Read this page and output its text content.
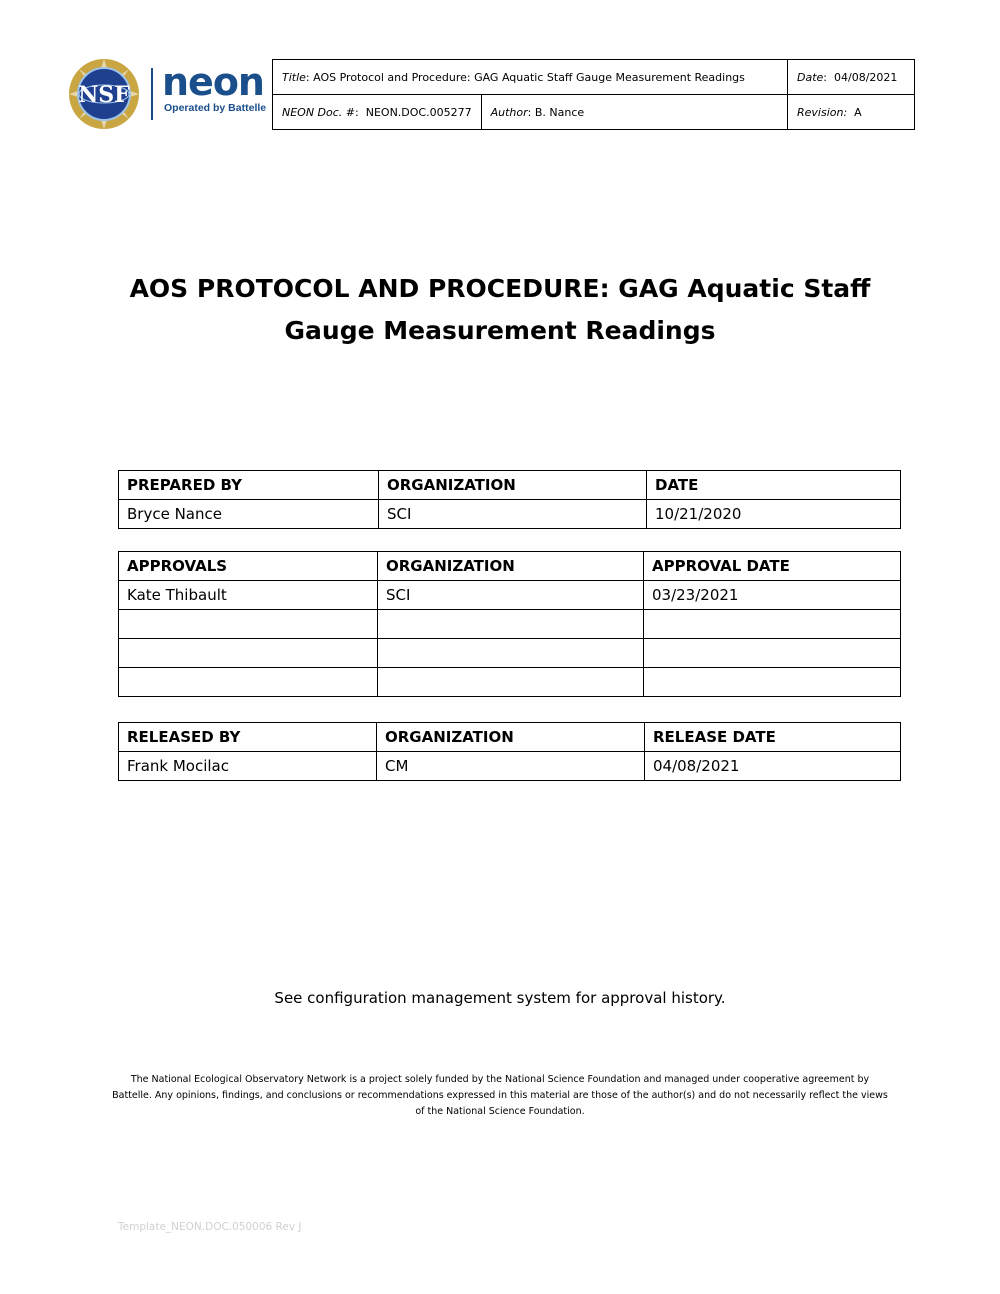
NSF neon
Operated by Battelle
Title: AOS Protocol and Procedure: GAG Aquatic Staff Gauge Measurement Readings		Date:  04/08/2021
NEON Doc. #:  NEON.DOC.005277	Author: B. Nance	Revision: A
AOS PROTOCOL AND PROCEDURE: GAG Aquatic Staff Gauge Measurement Readings
PREPARED BY	ORGANIZATION	DATE
Bryce Nance	SCI	10/21/2020
APPROVALS	ORGANIZATION	APPROVAL DATE
Kate Thibault	SCI	03/23/2021

RELEASED BY	ORGANIZATION	RELEASE DATE
Frank Mocilac	CM	04/08/2021

See configuration management system for approval history.

The National Ecological Observatory Network is a project solely funded by the National Science Foundation and managed under cooperative agreement by Battelle. Any opinions, findings, and conclusions or recommendations expressed in this material are those of the author(s) and do not necessarily reflect the views of the National Science Foundation.

Template_NEON.DOC.050006 Rev J
